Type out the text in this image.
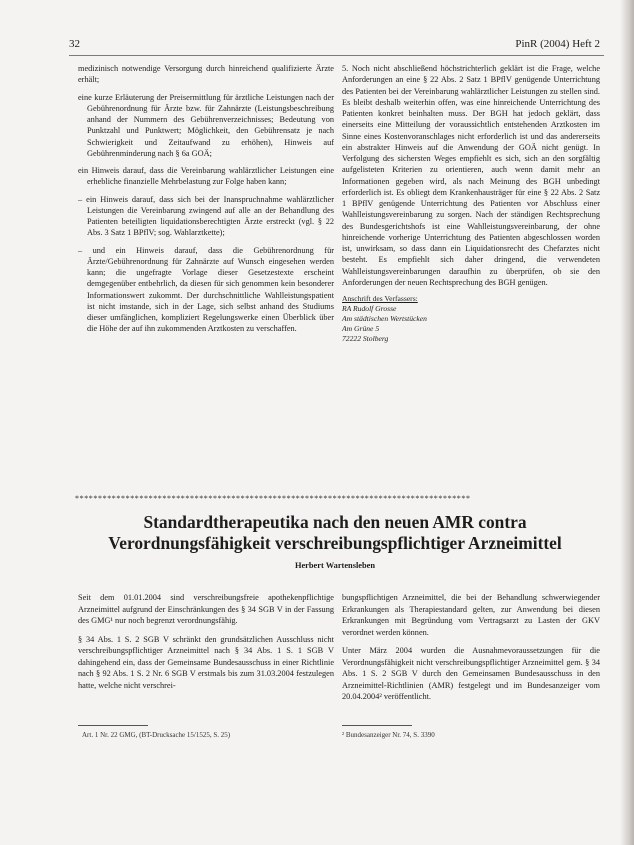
32	PinR (2004) Heft 2

medizinisch notwendige Versorgung durch hinreichend qualifizierte Ärzte erhält;

eine kurze Erläuterung der Preisermittlung für ärztliche Leistungen nach der Gebührenordnung für Ärzte bzw. für Zahnärzte (Leistungsbeschreibung anhand der Nummern des Gebührenverzeichnisses; Bedeutung von Punktzahl und Punktwert; Möglichkeit, den Gebührensatz je nach Schwierigkeit und Zeitaufwand zu erhöhen), Hinweis auf Gebührenminderung nach § 6a GOÄ;

ein Hinweis darauf, dass die Vereinbarung wahlärztlicher Leistungen eine erhebliche finanzielle Mehrbelastung zur Folge haben kann;

– ein Hinweis darauf, dass sich bei der Inanspruchnahme wahlärztlicher Leistungen die Vereinbarung zwingend auf alle an der Behandlung des Patienten beteiligten liquidationsberechtigten Ärzte erstreckt (vgl. § 22 Abs. 3 Satz 1 BPflV; sog. Wahlarztkette);

– und ein Hinweis darauf, dass die Gebührenordnung für Ärzte/Gebührenordnung für Zahnärzte auf Wunsch eingesehen werden kann; die ungefragte Vorlage dieser Gesetzestexte erscheint demgegenüber entbehrlich, da diesen für sich genommen kein besonderer Informationswert zukommt. Der durchschnittliche Wahlleistungspatient ist nicht imstande, sich in der Lage, sich selbst anhand des Studiums dieser umfänglichen, kompliziert Regelungswerke einen Überblick über die Höhe der auf ihn zukommenden Arztkosten zu verschaffen.

5. Noch nicht abschließend höchstrichterlich geklärt ist die Frage, welche Anforderungen an eine § 22 Abs. 2 Satz 1 BPflV genügende Unterrichtung des Patienten bei der Vereinbarung wahlärztlicher Leistungen zu stellen sind. Es bleibt deshalb weiterhin offen, was eine hinreichende Unterrichtung des Patienten konkret beinhalten muss. Der BGH hat jedoch geklärt, dass einerseits eine Mitteilung der voraussichtlich entstehenden Arztkosten im Sinne eines Kostenvoranschlages nicht erforderlich ist und das andererseits ein abstrakter Hinweis auf die Anwendung der GOÄ nicht genügt. In Verfolgung des sichersten Weges empfiehlt es sich, sich an den sorgfältig aufgelisteten Kriterien zu orientieren, auch wenn damit mehr an Informationen gegeben wird, als nach Meinung des BGH unbedingt erforderlich ist. Es obliegt dem Krankenhausträger für eine § 22 Abs. 2 Satz 1 BPflV genügende Unterrichtung des Patienten vor Abschluss einer Wahlleistungsvereinbarung zu sorgen. Nach der ständigen Rechtsprechung des Bundesgerichtshofs ist eine Wahlleistungsvereinbarung, der ohne hinreichende vorherige Unterrichtung des Patienten abgeschlossen worden ist, unwirksam, so dass dann ein Liquidationsrecht des Chefarztes nicht besteht. Es empfiehlt sich daher dringend, die verwendeten Wahlleistungsvereinbarungen daraufhin zu überprüfen, ob sie den Anforderungen der neuen Rechtsprechung des BGH genügen.

Anschrift des Verfassers:
RA Rudolf Grosse
Am städtischen Wertstücken
Am Grüne 5
72222 Stolberg
**************************************************************************************
Standardtherapeutika nach den neuen AMR contra
Verordnungsfähigkeit verschreibungspflichtiger Arzneimittel
Herbert Wartensleben

Seit dem 01.01.2004 sind verschreibungsfreie apothekenpflichtige Arzneimittel aufgrund der Einschränkungen des § 34 SGB V in der Fassung des GMG¹ nur noch begrenzt verordnungsfähig.

§ 34 Abs. 1 S. 2 SGB V schränkt den grundsätzlichen Ausschluss nicht verschreibungspflichtiger Arzneimittel nach § 34 Abs. 1 S. 1 SGB V dahingehend ein, dass der Gemeinsame Bundesausschuss in einer Richtlinie nach § 92 Abs. 1 S. 2 Nr. 6 SGB V erstmals bis zum 31.03.2004 festzulegen hatte, welche nicht verschrei-

bungspflichtigen Arzneimittel, die bei der Behandlung schwerwiegender Erkrankungen als Therapiestandard gelten, zur Anwendung bei diesen Erkrankungen mit Begründung vom Vertragsarzt zu Lasten der GKV verordnet werden können.

Unter März 2004 wurden die Ausnahmevoraussetzungen für die Verordnungsfähigkeit nicht verschreibungspflichtiger Arzneimittel gem. § 34 Abs. 1 S. 2 SGB V durch den Gemeinsamen Bundesausschuss in den Arzneimittel-Richtlinien (AMR) festgelegt und im Bundesanzeiger vom 20.04.2004² veröffentlicht.

Art. 1 Nr. 22 GMG, (BT-Drucksache 15/1525, S. 25)	² Bundesanzeiger Nr. 74, S. 3390
